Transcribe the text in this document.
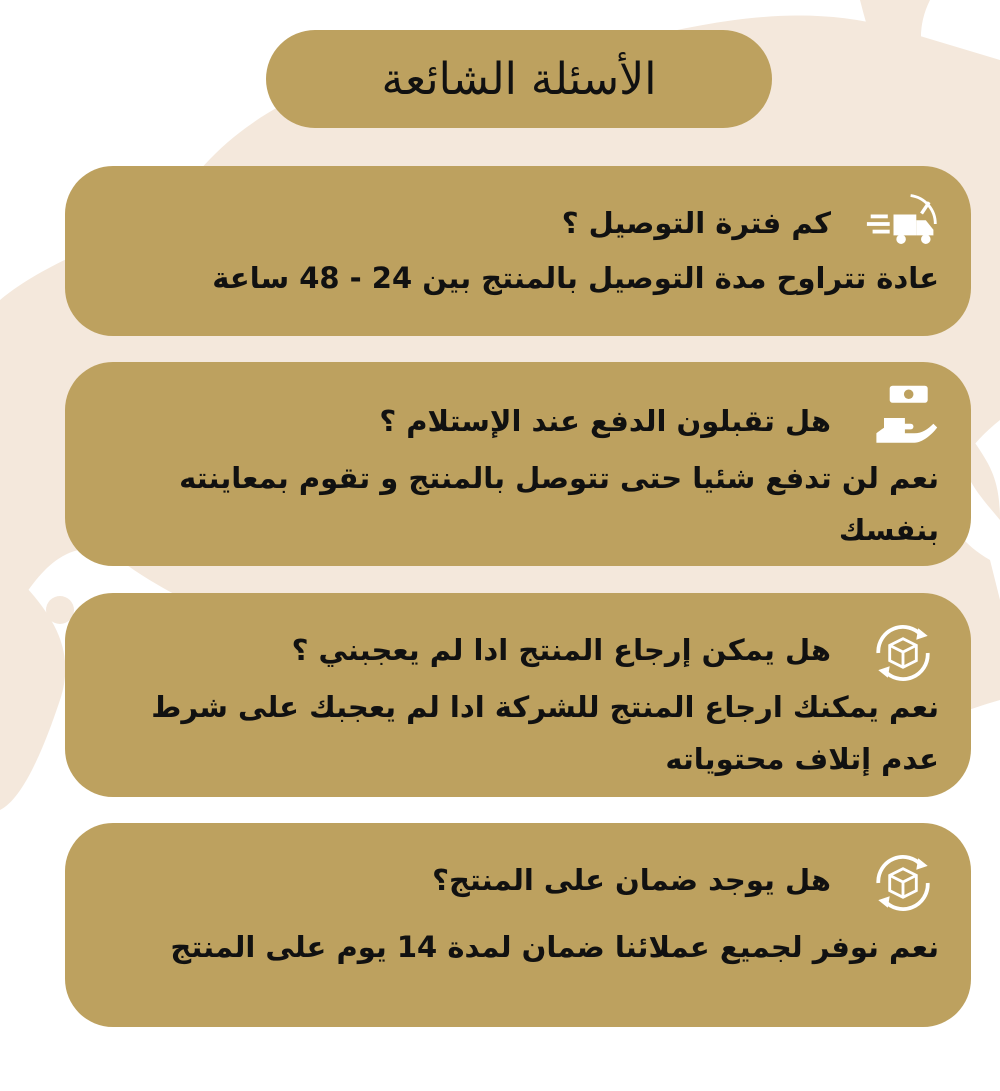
الأسئلة الشائعة
كم فترة التوصيل ؟
عادة تتراوح مدة التوصيل بالمنتج بين 24 - 48 ساعة
هل تقبلون الدفع عند الإستلام ؟
نعم لن تدفع شئيا حتى تتوصل بالمنتج و تقوم بمعاينته بنفسك
هل يمكن إرجاع المنتج ادا لم يعجبني ؟
نعم يمكنك ارجاع المنتج للشركة ادا لم يعجبك على شرط عدم إتلاف محتوياته
هل يوجد ضمان على المنتج؟
نعم نوفر لجميع عملائنا ضمان لمدة 14 يوم على المنتج
